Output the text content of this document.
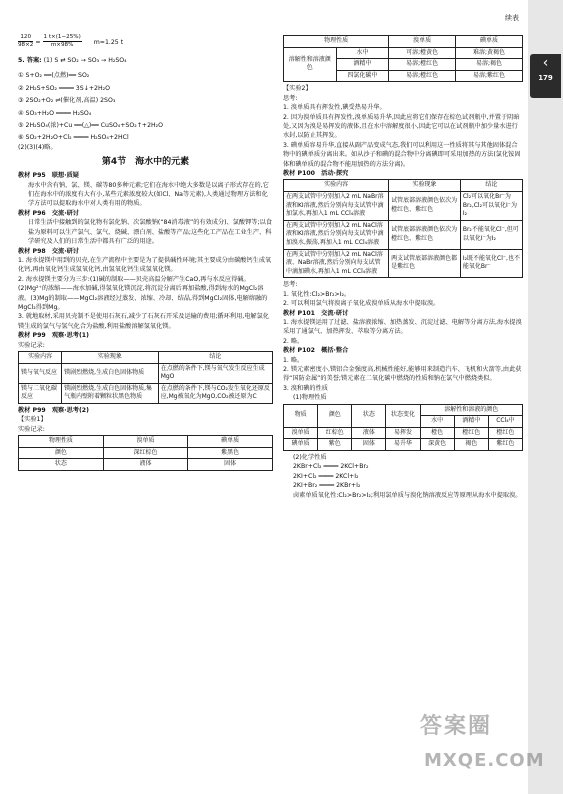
‹
179
续表
$\frac{120}{98\times 2} = \frac{1 t\times(1-25\%)}{m\times 98\%} m=1.25$ t
5. 答案: (1) S ⇄ SO₂ → SO₃ → H₂SO₄
① S+O₂ ══(点燃)══ SO₂
② 2H₂S+SO₂ ════ 3S↓+2H₂O
③ 2SO₂+O₂ ⇌(催化剂,高温) 2SO₃
④ SO₃+H₂O ════ H₂SO₄
⑤ 2H₂SO₄(浓)+Cu ══(△)══ CuSO₄+SO₂↑+2H₂O
⑥ SO₂+2H₂O+Cl₂ ════ H₂SO₄+2HCl
(2)(3)(4)略。
第4节　海水中的元素
教材 P95　联想·质疑
海水中含有钠、氯、镁、碳等80多种元素;它们在海水中绝大多数是以离子形式存在的,它们在海水中的浓度有大有小,某些元素浓度较大(如Cl、Na等元素),人类通过物理方法和化学方法可以提取海水中对人类有用的物质。
教材 P96　交流·研讨
日常生活中接触到的氯化物有氯化钠、次氯酸钠(“84消毒液”的有效成分)、氯酸钾等;以食盐为原料可以生产氯气、氯气、烧碱、漂白剂、盐酸等产品;这些化工产品在工业生产、科学研究及人们的日常生活中都具有广泛的用途。
教材 P98　交流·研讨
1. 海水提镁中用到的贝壳,在生产流程中主要是为了提供碱性环境;其主要成分由碳酸钙生成氧化钙,再由氧化钙生成氢氧化钙,由氢氧化钙生成氢氧化镁。
2. 海水提镁主要分为三步:(1)碱的制取——贝壳高温分解产生CaO,再与水反应得碱。(2)Mg²⁺的浓缩——海水加碱,得氢氧化镁沉淀,将沉淀分离后再加盐酸,得到海水的MgCl₂溶液。(3)Mg的制取——MgCl₂溶液经过蒸发、浓缩、冷却、结晶,得到MgCl₂固体,电解熔融的MgCl₂得到Mg。
3. 就地取材,采用贝壳制不是使用石灰石,减少了石灰石开采及运输的费用;循环利用,电解氯化镁生成的氯气与氢气化合为盐酸,利用盐酸溶解氢氧化镁。
教材 P99　观察·思考(1)
实验记录:
实验内容	实验现象	结论
镁与氧气反应	镁剧烈燃烧,生成白色固体物质	在点燃的条件下,镁与氧气发生反应生成MgO
镁与二氧化碳反应	镁剧烈燃烧,生成白色固体物质,集气瓶内壁附着颗粒状黑色物质	在点燃的条件下,镁与CO₂发生氧化还原反应,Mg被氧化为MgO,CO₂被还原为C
教材 P99　观察·思考(2)
【实验1】
实验记录:
物理性质	溴单质	碘单质
颜色	深红棕色	紫黑色
状态	液体	固体
物理性质		溴单质	碘单质
溶解性和溶液颜色	水中	可溶;橙黄色	难溶;黄褐色
	酒精中	易溶;橙红色	易溶;褐色
	四氯化碳中	易溶;橙红色	易溶;紫红色
【实验2】
思考:
1. 溴单质具有挥发性,碘受热易升华。
2. 因为溴单质具有挥发性,溴单质易升华,因此应将它们保存在棕色试剂瓶中,并置于阴暗处,又因为溴是易挥发的液体,且在水中溶解度很小,因此它可以在试剂瓶中加少量水进行水封,以防止其挥发。
3. 碘单质容易升华,直接从副产品变成气态,我们可以利用这一性质将其与其他固体混合物中的碘单质分离出来。如从沙子和碘的混合物中分离碘即可采用加热的方法(氯化铵固体和碘单质的混合物不能用加热的方法分离)。
教材 P100　活动·探究
实验内容	实验现象	结论
在两支试管中分别加入2 mL NaBr溶液和KI溶液,然后分别向每支试管中滴加氯水,再加入1 mL CCl₄溶液	试管底部溶液颜色依次为橙红色、紫红色	Cl₂可以氧化Br⁻为Br₂,Cl₂可以氧化I⁻为I₂
在两支试管中分别加入2 mL NaCl溶液和KI溶液,然后分别向每支试管中滴加溴水,振荡,再加入1 mL CCl₄溶液	试管底部溶液颜色依次为橙红色、紫红色	Br₂不能氧化Cl⁻,但可以氧化I⁻为I₂
在两支试管中分别加入2 mL NaCl溶液、NaBr溶液,然后分别向每支试管中滴加碘水,再加入1 mL CCl₄溶液	两支试管底部溶液颜色都是紫红色	I₂既不能氧化Cl⁻,也不能氧化Br⁻
思考:
1. 氧化性:Cl₂>Br₂>I₂。
2. 可以利用氯气将溴离子氧化成溴单质从海水中提取溴。
教材 P101　交流·研讨
1. 海水提镁运用了过滤、盐溶液浓缩、加热蒸发、沉淀过滤、电解等分离方法,海水提溴采用了通氯气、加热挥发、萃取等分离方法。
2. 略。
教材 P102　概括·整合
1. 略。
2. 镁元素密度小,镁铝合金强度高,机械性能好,能够用来制造汽车、飞机和火箭等,由此获得“国防金属”的美誉;镁元素在二氧化碳中燃烧的性质和钠在氯气中燃烧类似。
3. 溴和碘的性质
(1)物理性质
物质	颜色	状态	状态变化	溶解性和溶液的颜色		
				水中	酒精中	CCl₄中
溴单质	红棕色	液体	易挥发	橙色	橙红色	橙红色
碘单质	紫色	固体	易升华	深黄色	褐色	紫红色
(2)化学性质
2KBr+Cl₂ ════ 2KCl+Br₂
2KI+Cl₂ ════ 2KCl+I₂
2KI+Br₂ ════ 2KBr+I₂
卤素单质氧化性:Cl₂>Br₂>I₂;利用氯单质与溴化钠溶液反应等原理从海水中提取溴。
答案圈
MXQE.COM
